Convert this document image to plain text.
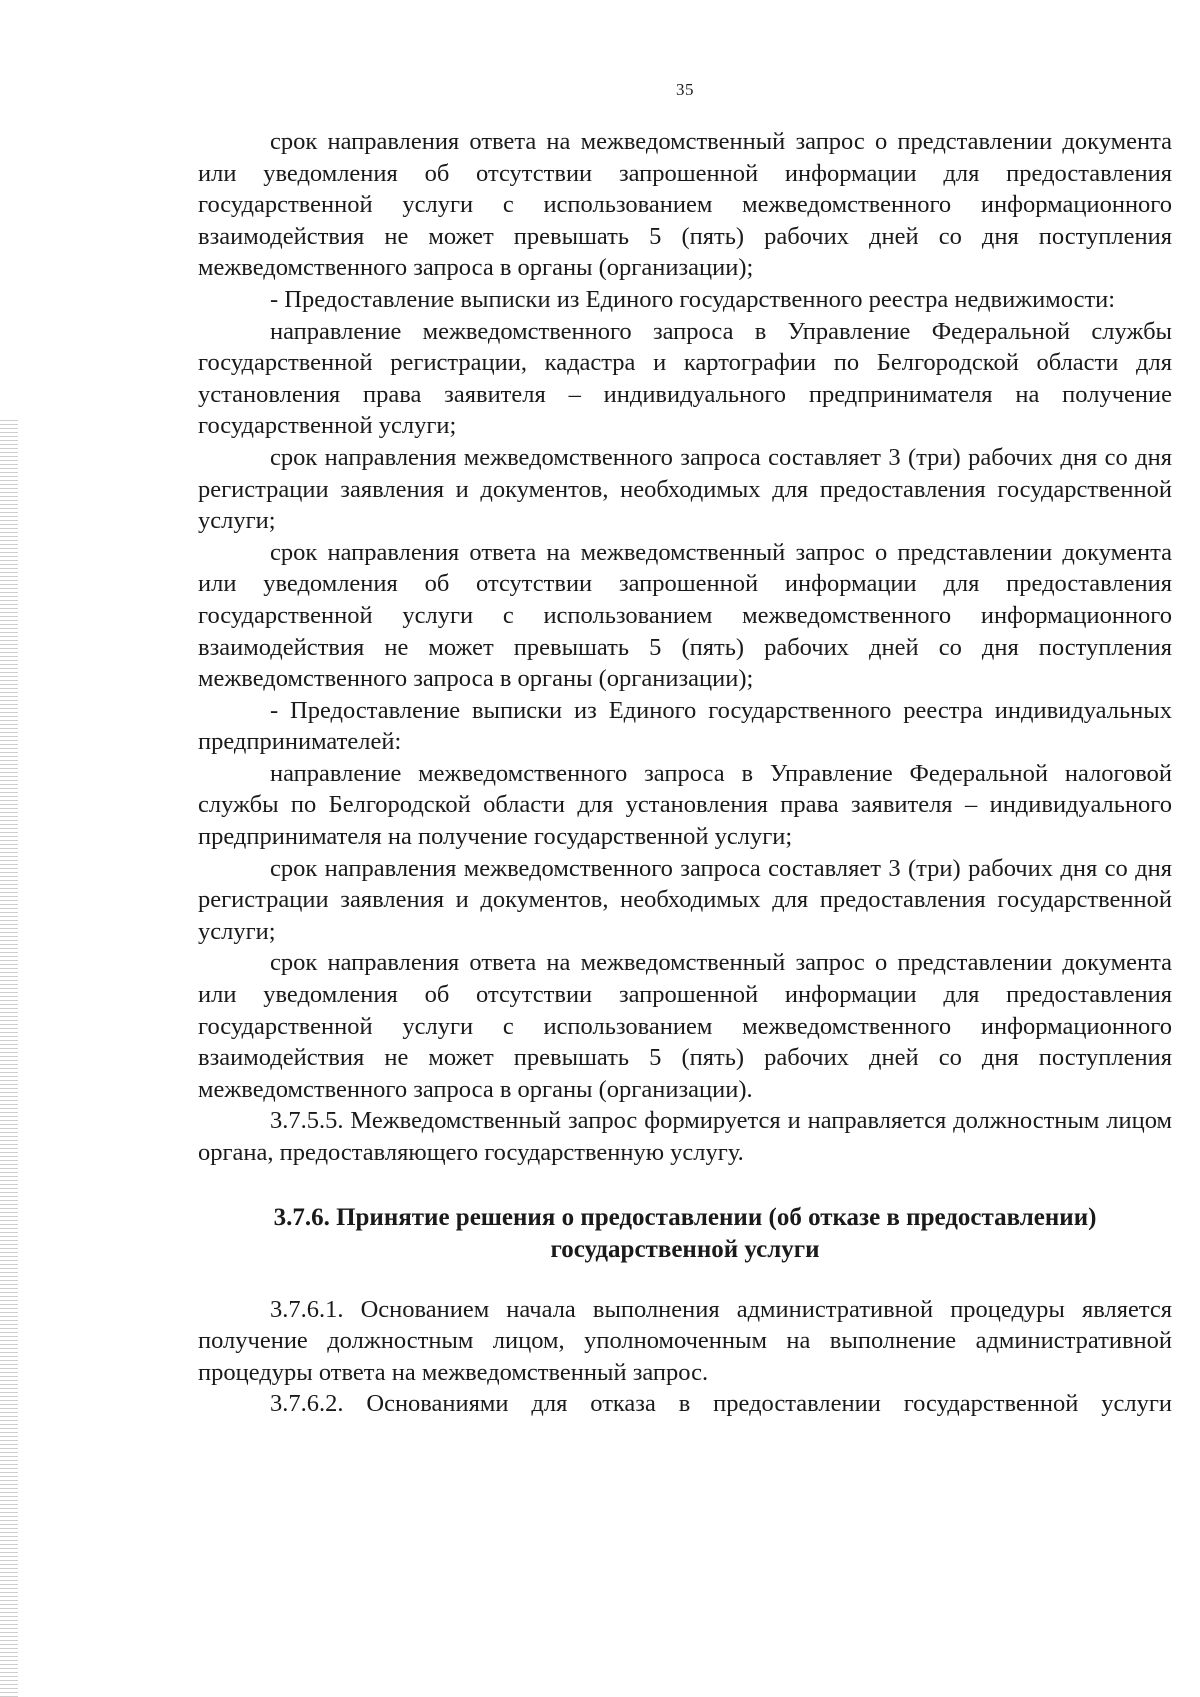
35

срок направления ответа на межведомственный запрос о представлении документа или уведомления об отсутствии запрошенной информации для предоставления государственной услуги с использованием межведомственного информационного взаимодействия не может превышать 5 (пять) рабочих дней со дня поступления межведомственного запроса в органы (организации);

- Предоставление выписки из Единого государственного реестра недвижимости:

направление межведомственного запроса в Управление Федеральной службы государственной регистрации, кадастра и картографии по Белгородской области для установления права заявителя – индивидуального предпринимателя на получение государственной услуги;

срок направления межведомственного запроса составляет 3 (три) рабочих дня со дня регистрации заявления и документов, необходимых для предоставления государственной услуги;

срок направления ответа на межведомственный запрос о представлении документа или уведомления об отсутствии запрошенной информации для предоставления государственной услуги с использованием межведомственного информационного взаимодействия не может превышать 5 (пять) рабочих дней со дня поступления межведомственного запроса в органы (организации);

- Предоставление выписки из Единого государственного реестра индивидуальных предпринимателей:

направление межведомственного запроса в Управление Федеральной налоговой службы по Белгородской области для установления права заявителя – индивидуального предпринимателя на получение государственной услуги;

срок направления межведомственного запроса составляет 3 (три) рабочих дня со дня регистрации заявления и документов, необходимых для предоставления государственной услуги;

срок направления ответа на межведомственный запрос о представлении документа или уведомления об отсутствии запрошенной информации для предоставления государственной услуги с использованием межведомственного информационного взаимодействия не может превышать 5 (пять) рабочих дней со дня поступления межведомственного запроса в органы (организации).

3.7.5.5. Межведомственный запрос формируется и направляется должностным лицом органа, предоставляющего государственную услугу.

3.7.6. Принятие решения о предоставлении (об отказе в предоставлении)
государственной услуги

3.7.6.1. Основанием начала выполнения административной процедуры является получение должностным лицом, уполномоченным на выполнение административной процедуры ответа на межведомственный запрос.

3.7.6.2. Основаниями для отказа в предоставлении государственной услуги
